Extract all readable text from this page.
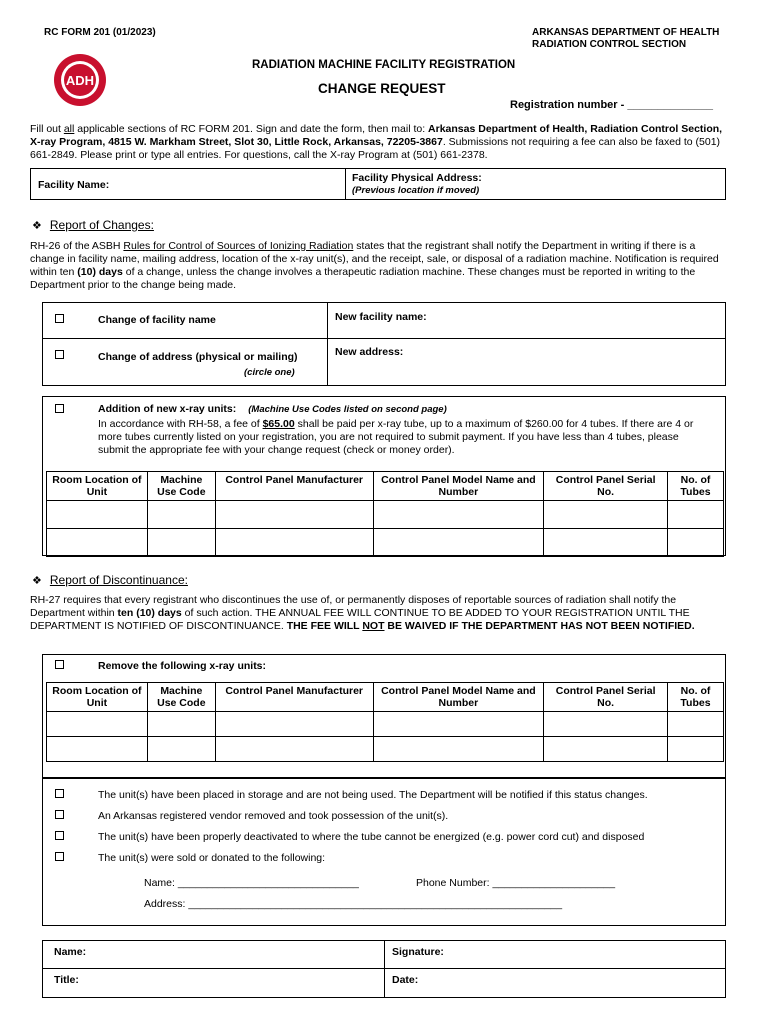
RC FORM 201 (01/2023)	ARKANSAS DEPARTMENT OF HEALTH
RADIATION CONTROL SECTION
ADH
RADIATION MACHINE FACILITY REGISTRATION
CHANGE REQUEST
Registration number - ______________
Fill out all applicable sections of RC FORM 201. Sign and date the form, then mail to: Arkansas Department of Health, Radiation Control Section, X-ray Program, 4815 W. Markham Street, Slot 30, Little Rock, Arkansas, 72205-3867. Submissions not requiring a fee can also be faxed to (501) 661-2849. Please print or type all entries. For questions, call the X-ray Program at (501) 661-2378.
Facility Name:
Facility Physical Address:
(Previous location if moved)
❖ Report of Changes:
RH-26 of the ASBH Rules for Control of Sources of Ionizing Radiation states that the registrant shall notify the Department in writing if there is a change in facility name, mailing address, location of the x-ray unit(s), and the receipt, sale, or disposal of a radiation machine. Notification is required within ten (10) days of a change, unless the change involves a therapeutic radiation machine. These changes must be reported in writing to the Department prior to the change being made.
Change of facility name	New facility name:
Change of address (physical or mailing)
(circle one)
New address:
Addition of new x-ray units: (Machine Use Codes listed on second page)
In accordance with RH-58, a fee of $65.00 shall be paid per x-ray tube, up to a maximum of $260.00 for 4 tubes. If there are 4 or more tubes currently listed on your registration, you are not required to submit payment. If you have less than 4 tubes, please submit the appropriate fee with your change request (check or money order).
Room Location of Unit	Machine Use Code	Control Panel Manufacturer	Control Panel Model Name and Number	Control Panel Serial No.	No. of Tubes

❖ Report of Discontinuance:
RH-27 requires that every registrant who discontinues the use of, or permanently disposes of reportable sources of radiation shall notify the Department within ten (10) days of such action. THE ANNUAL FEE WILL CONTINUE TO BE ADDED TO YOUR REGISTRATION UNTIL THE DEPARTMENT IS NOTIFIED OF DISCONTINUANCE. THE FEE WILL NOT BE WAIVED IF THE DEPARTMENT HAS NOT BEEN NOTIFIED.
Remove the following x-ray units:
Room Location of Unit	Machine Use Code	Control Panel Manufacturer	Control Panel Model Name and Number	Control Panel Serial No.	No. of Tubes

The unit(s) have been placed in storage and are not being used. The Department will be notified if this status changes.
An Arkansas registered vendor removed and took possession of the unit(s).
The unit(s) have been properly deactivated to where the tube cannot be energized (e.g. power cord cut) and disposed
The unit(s) were sold or donated to the following:
Name: _______________________________	Phone Number: _____________________
Address: ________________________________________________________________
Name:	Signature:
Title:	Date:
